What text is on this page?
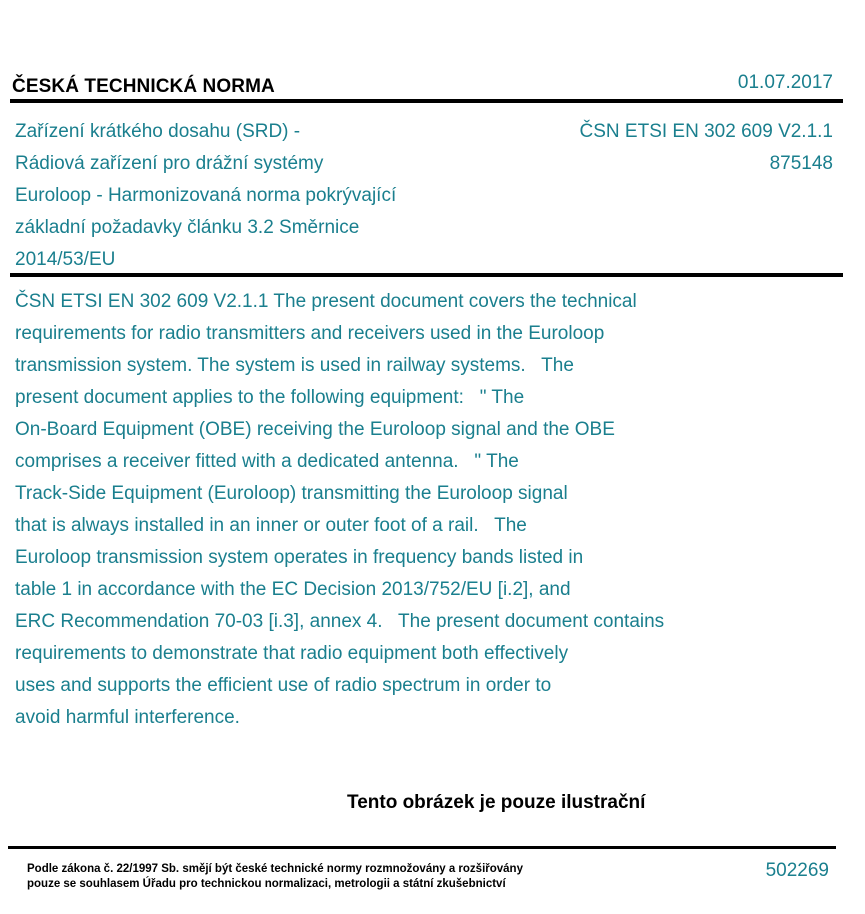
ČESKÁ TECHNICKÁ NORMA	01.07.2017
Zařízení krátkého dosahu (SRD) -
Rádiová zařízení pro drážní systémy
Euroloop - Harmonizovaná norma pokrývající
základní požadavky článku 3.2 Směrnice
2014/53/EU
ČSN ETSI EN 302 609 V2.1.1
875148
ČSN ETSI EN 302 609 V2.1.1 The present document covers the technical
requirements for radio transmitters and receivers used in the Euroloop
transmission system. The system is used in railway systems.   The
present document applies to the following equipment:   " The
On-Board Equipment (OBE) receiving the Euroloop signal and the OBE
comprises a receiver fitted with a dedicated antenna.   " The
Track-Side Equipment (Euroloop) transmitting the Euroloop signal
that is always installed in an inner or outer foot of a rail.   The
Euroloop transmission system operates in frequency bands listed in
table 1 in accordance with the EC Decision 2013/752/EU [i.2], and
ERC Recommendation 70-03 [i.3], annex 4.   The present document contains
requirements to demonstrate that radio equipment both effectively
uses and supports the efficient use of radio spectrum in order to
avoid harmful interference.
Tento obrázek je pouze ilustrační
Podle zákona č. 22/1997 Sb. smějí být české technické normy rozmnožovány a rozšiřovány
pouze se souhlasem Úřadu pro technickou normalizaci, metrologii a státní zkušebnictví
502269
